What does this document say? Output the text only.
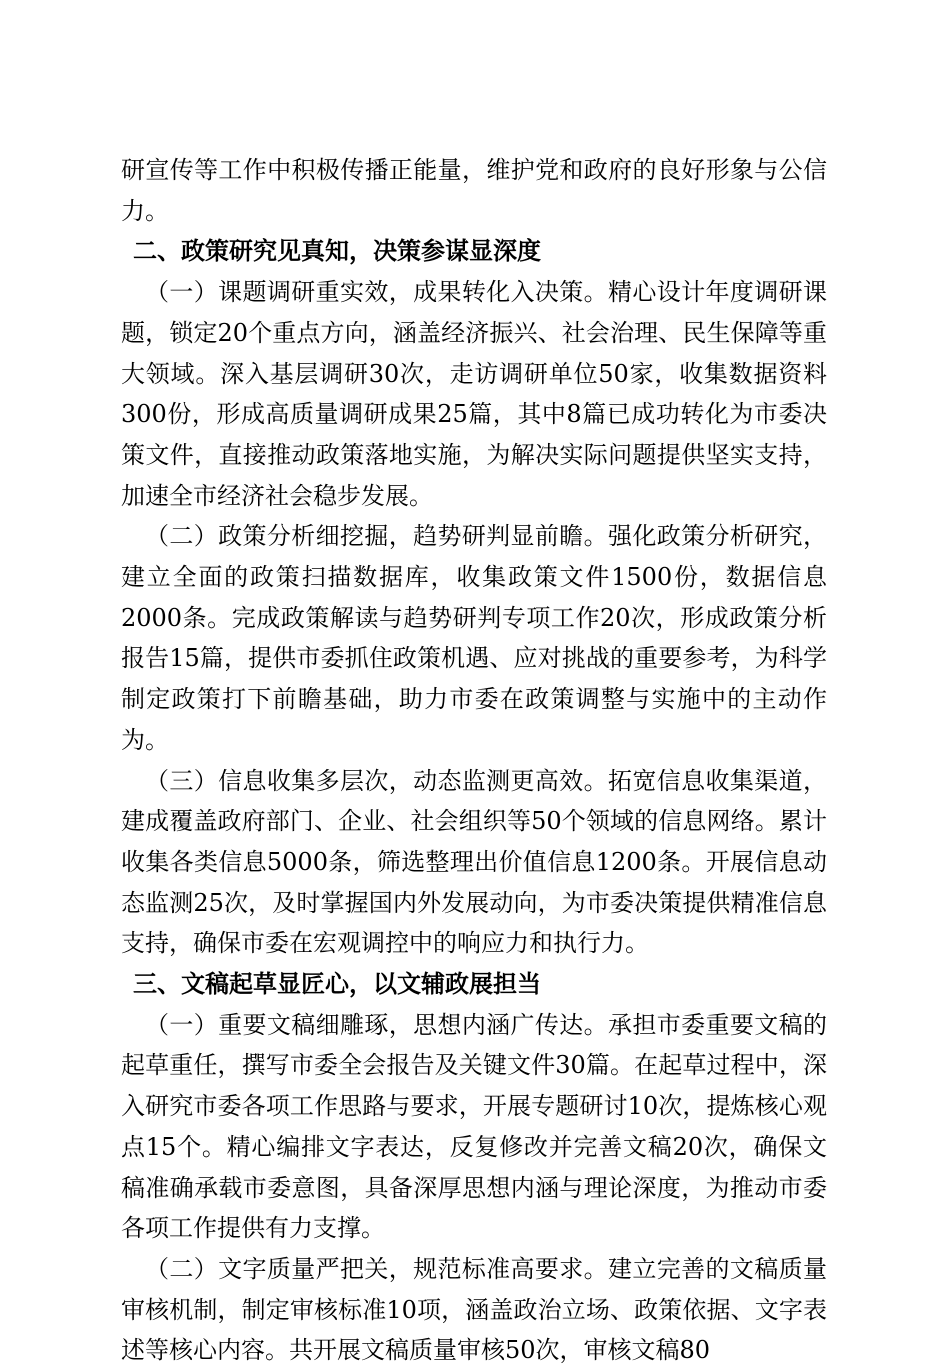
研宣传等工作中积极传播正能量，维护党和政府的良好形象与公信力。

二、政策研究见真知，决策参谋显深度

（一）课题调研重实效，成果转化入决策。精心设计年度调研课题，锁定20个重点方向，涵盖经济振兴、社会治理、民生保障等重大领域。深入基层调研30次，走访调研单位50家，收集数据资料300份，形成高质量调研成果25篇，其中8篇已成功转化为市委决策文件，直接推动政策落地实施，为解决实际问题提供坚实支持，加速全市经济社会稳步发展。

（二）政策分析细挖掘，趋势研判显前瞻。强化政策分析研究，建立全面的政策扫描数据库，收集政策文件1500份，数据信息2000条。完成政策解读与趋势研判专项工作20次，形成政策分析报告15篇，提供市委抓住政策机遇、应对挑战的重要参考，为科学制定政策打下前瞻基础，助力市委在政策调整与实施中的主动作为。

（三）信息收集多层次，动态监测更高效。拓宽信息收集渠道，建成覆盖政府部门、企业、社会组织等50个领域的信息网络。累计收集各类信息5000条，筛选整理出价值信息1200条。开展信息动态监测25次，及时掌握国内外发展动向，为市委决策提供精准信息支持，确保市委在宏观调控中的响应力和执行力。

三、文稿起草显匠心，以文辅政展担当

（一）重要文稿细雕琢，思想内涵广传达。承担市委重要文稿的起草重任，撰写市委全会报告及关键文件30篇。在起草过程中，深入研究市委各项工作思路与要求，开展专题研讨10次，提炼核心观点15个。精心编排文字表达，反复修改并完善文稿20次，确保文稿准确承载市委意图，具备深厚思想内涵与理论深度，为推动市委各项工作提供有力支撑。

（二）文字质量严把关，规范标准高要求。建立完善的文稿质量审核机制，制定审核标准10项，涵盖政治立场、政策依据、文字表述等核心内容。共开展文稿质量审核50次，审核文稿80
